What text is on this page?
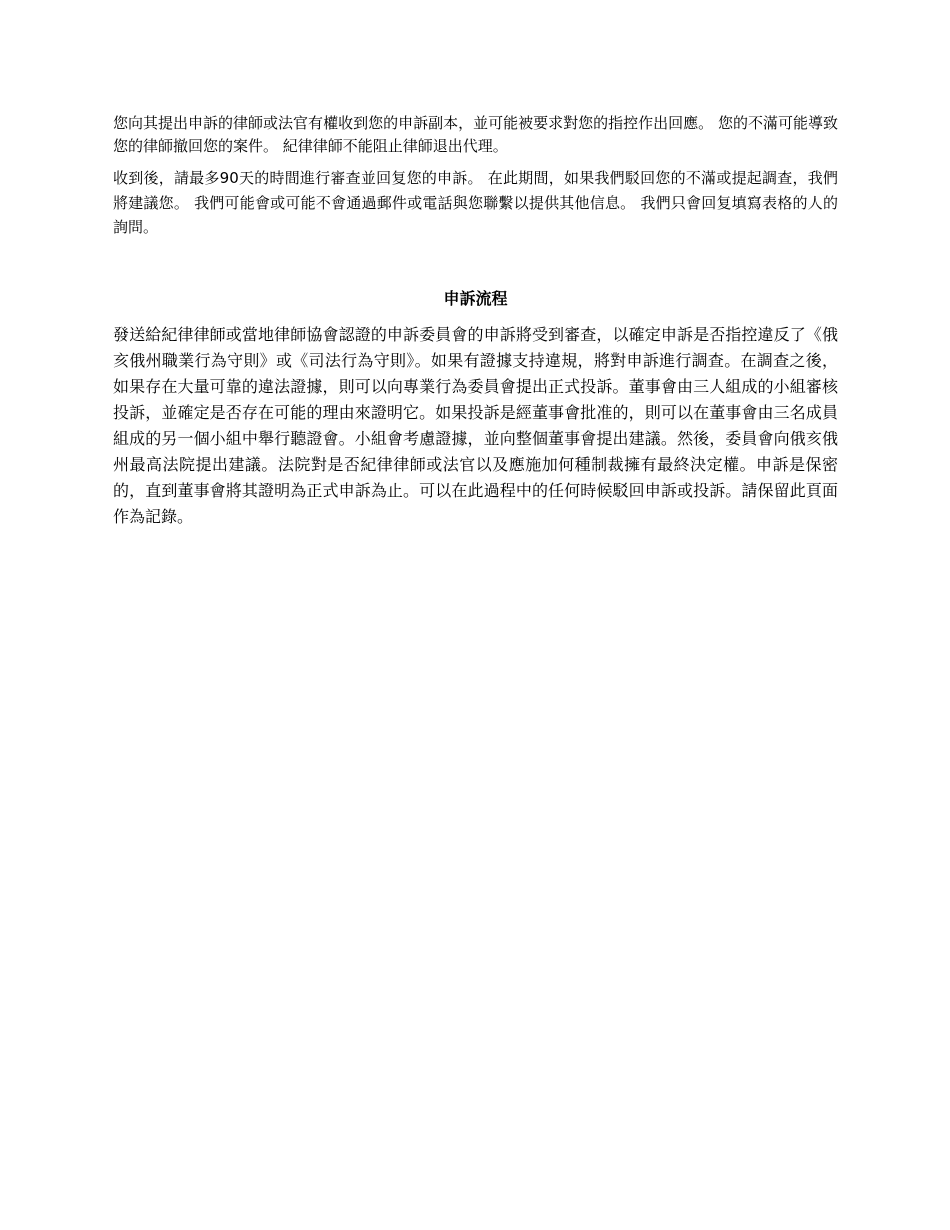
您向其提出申訴的律師或法官有權收到您的申訴副本，並可能被要求對您的指控作出回應。 您的不滿可能導致您的律師撤回您的案件。 紀律律師不能阻止律師退出代理。

收到後，請最多90天的時間進行審查並回复您的申訴。 在此期間，如果我們駁回您的不滿或提起調查，我們將建議您。 我們可能會或可能不會通過郵件或電話與您聯繫以提供其他信息。 我們只會回复填寫表格的人的詢問。

申訴流程

發送給紀律律師或當地律師協會認證的申訴委員會的申訴將受到審查，以確定申訴是否指控違反了《俄亥俄州職業行為守則》或《司法行為守則》。如果有證據支持違規，將對申訴進行調查。在調查之後，如果存在大量可靠的違法證據，則可以向專業行為委員會提出正式投訴。董事會由三人組成的小組審核投訴，並確定是否存在可能的理由來證明它。如果投訴是經董事會批准的，則可以在董事會由三名成員組成的另一個小組中舉行聽證會。小組會考慮證據，並向整個董事會提出建議。然後，委員會向俄亥俄州最高法院提出建議。法院對是否紀律律師或法官以及應施加何種制裁擁有最終決定權。申訴是保密的，直到董事會將其證明為正式申訴為止。可以在此過程中的任何時候駁回申訴或投訴。請保留此頁面作為記錄。
